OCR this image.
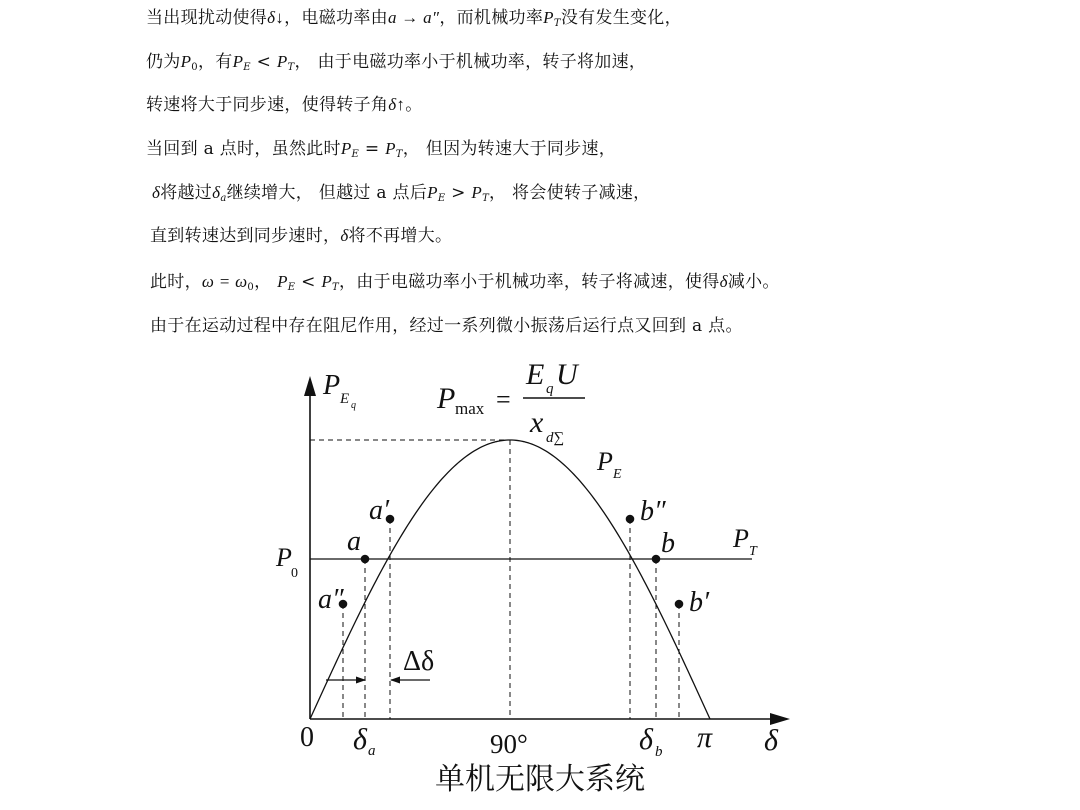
当出现扰动使得δ↓，电磁功率由a → a″，而机械功率$P_T$没有发生变化，
仍为$P_0$，有$P_E < P_T$， 由于电磁功率小于机械功率，转子将加速，
转速将大于同步速，使得转子角δ↑。
当回到 a 点时，虽然此时$P_E = P_T$， 但因为转速大于同步速，
δ将越过$\delta_a$继续增大， 但越过 a 点后$P_E > P_T$， 将会使转子减速，
直到转速达到同步速时，δ将不再增大。
此时，$\omega = \omega_0$， $P_E < P_T$，由于电磁功率小于机械功率，转子将减速，使得δ减小。
由于在运动过程中存在阻尼作用，经过一系列微小振荡后运行点又回到 a 点。
P E q	P max =
E q U
x d∑
P E
P T
P
0
a
a′
a″
b
b″
b′
Δδ
0 δ a	90°	δ b π δ
单机无限大系统
